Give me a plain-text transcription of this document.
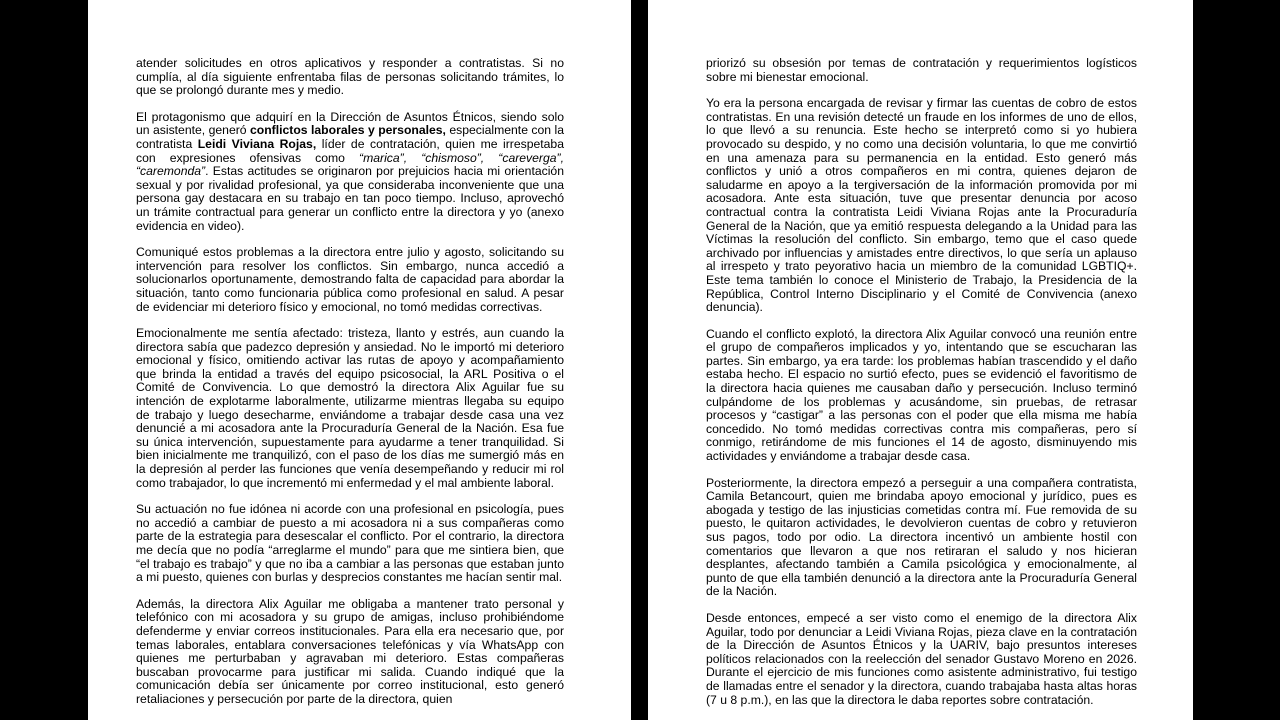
atender solicitudes en otros aplicativos y responder a contratistas. Si no cumplía, al día siguiente enfrentaba filas de personas solicitando trámites, lo que se prolongó durante mes y medio.

El protagonismo que adquirí en la Dirección de Asuntos Étnicos, siendo solo un asistente, generó conflictos laborales y personales, especialmente con la contratista Leidi Viviana Rojas, líder de contratación, quien me irrespetaba con expresiones ofensivas como “marica”, “chismoso”, “careverga”, “caremonda”. Estas actitudes se originaron por prejuicios hacia mi orientación sexual y por rivalidad profesional, ya que consideraba inconveniente que una persona gay destacara en su trabajo en tan poco tiempo. Incluso, aprovechó un trámite contractual para generar un conflicto entre la directora y yo (anexo evidencia en video).

Comuniqué estos problemas a la directora entre julio y agosto, solicitando su intervención para resolver los conflictos. Sin embargo, nunca accedió a solucionarlos oportunamente, demostrando falta de capacidad para abordar la situación, tanto como funcionaria pública como profesional en salud. A pesar de evidenciar mi deterioro físico y emocional, no tomó medidas correctivas.

Emocionalmente me sentía afectado: tristeza, llanto y estrés, aun cuando la directora sabía que padezco depresión y ansiedad. No le importó mi deterioro emocional y físico, omitiendo activar las rutas de apoyo y acompañamiento que brinda la entidad a través del equipo psicosocial, la ARL Positiva o el Comité de Convivencia. Lo que demostró la directora Alix Aguilar fue su intención de explotarme laboralmente, utilizarme mientras llegaba su equipo de trabajo y luego desecharme, enviándome a trabajar desde casa una vez denuncié a mi acosadora ante la Procuraduría General de la Nación. Esa fue su única intervención, supuestamente para ayudarme a tener tranquilidad. Si bien inicialmente me tranquilizó, con el paso de los días me sumergió más en la depresión al perder las funciones que venía desempeñando y reducir mi rol como trabajador, lo que incrementó mi enfermedad y el mal ambiente laboral.

Su actuación no fue idónea ni acorde con una profesional en psicología, pues no accedió a cambiar de puesto a mi acosadora ni a sus compañeras como parte de la estrategia para desescalar el conflicto. Por el contrario, la directora me decía que no podía “arreglarme el mundo” para que me sintiera bien, que “el trabajo es trabajo” y que no iba a cambiar a las personas que estaban junto a mi puesto, quienes con burlas y desprecios constantes me hacían sentir mal.

Además, la directora Alix Aguilar me obligaba a mantener trato personal y telefónico con mi acosadora y su grupo de amigas, incluso prohibiéndome defenderme y enviar correos institucionales. Para ella era necesario que, por temas laborales, entablara conversaciones telefónicas y vía WhatsApp con quienes me perturbaban y agravaban mi deterioro. Estas compañeras buscaban provocarme para justificar mi salida. Cuando indiqué que la comunicación debía ser únicamente por correo institucional, esto generó retaliaciones y persecución por parte de la directora, quien

priorizó su obsesión por temas de contratación y requerimientos logísticos sobre mi bienestar emocional.

Yo era la persona encargada de revisar y firmar las cuentas de cobro de estos contratistas. En una revisión detecté un fraude en los informes de uno de ellos, lo que llevó a su renuncia. Este hecho se interpretó como si yo hubiera provocado su despido, y no como una decisión voluntaria, lo que me convirtió en una amenaza para su permanencia en la entidad. Esto generó más conflictos y unió a otros compañeros en mi contra, quienes dejaron de saludarme en apoyo a la tergiversación de la información promovida por mi acosadora. Ante esta situación, tuve que presentar denuncia por acoso contractual contra la contratista Leidi Viviana Rojas ante la Procuraduría General de la Nación, que ya emitió respuesta delegando a la Unidad para las Víctimas la resolución del conflicto. Sin embargo, temo que el caso quede archivado por influencias y amistades entre directivos, lo que sería un aplauso al irrespeto y trato peyorativo hacia un miembro de la comunidad LGBTIQ+. Este tema también lo conoce el Ministerio de Trabajo, la Presidencia de la República, Control Interno Disciplinario y el Comité de Convivencia (anexo denuncia).

Cuando el conflicto explotó, la directora Alix Aguilar convocó una reunión entre el grupo de compañeros implicados y yo, intentando que se escucharan las partes. Sin embargo, ya era tarde: los problemas habían trascendido y el daño estaba hecho. El espacio no surtió efecto, pues se evidenció el favoritismo de la directora hacia quienes me causaban daño y persecución. Incluso terminó culpándome de los problemas y acusándome, sin pruebas, de retrasar procesos y “castigar” a las personas con el poder que ella misma me había concedido. No tomó medidas correctivas contra mis compañeras, pero sí conmigo, retirándome de mis funciones el 14 de agosto, disminuyendo mis actividades y enviándome a trabajar desde casa.

Posteriormente, la directora empezó a perseguir a una compañera contratista, Camila Betancourt, quien me brindaba apoyo emocional y jurídico, pues es abogada y testigo de las injusticias cometidas contra mí. Fue removida de su puesto, le quitaron actividades, le devolvieron cuentas de cobro y retuvieron sus pagos, todo por odio. La directora incentivó un ambiente hostil con comentarios que llevaron a que nos retiraran el saludo y nos hicieran desplantes, afectando también a Camila psicológica y emocionalmente, al punto de que ella también denunció a la directora ante la Procuraduría General de la Nación.

Desde entonces, empecé a ser visto como el enemigo de la directora Alix Aguilar, todo por denunciar a Leidi Viviana Rojas, pieza clave en la contratación de la Dirección de Asuntos Étnicos y la UARIV, bajo presuntos intereses políticos relacionados con la reelección del senador Gustavo Moreno en 2026. Durante el ejercicio de mis funciones como asistente administrativo, fui testigo de llamadas entre el senador y la directora, cuando trabajaba hasta altas horas (7 u 8 p.m.), en las que la directora le daba reportes sobre contratación.
